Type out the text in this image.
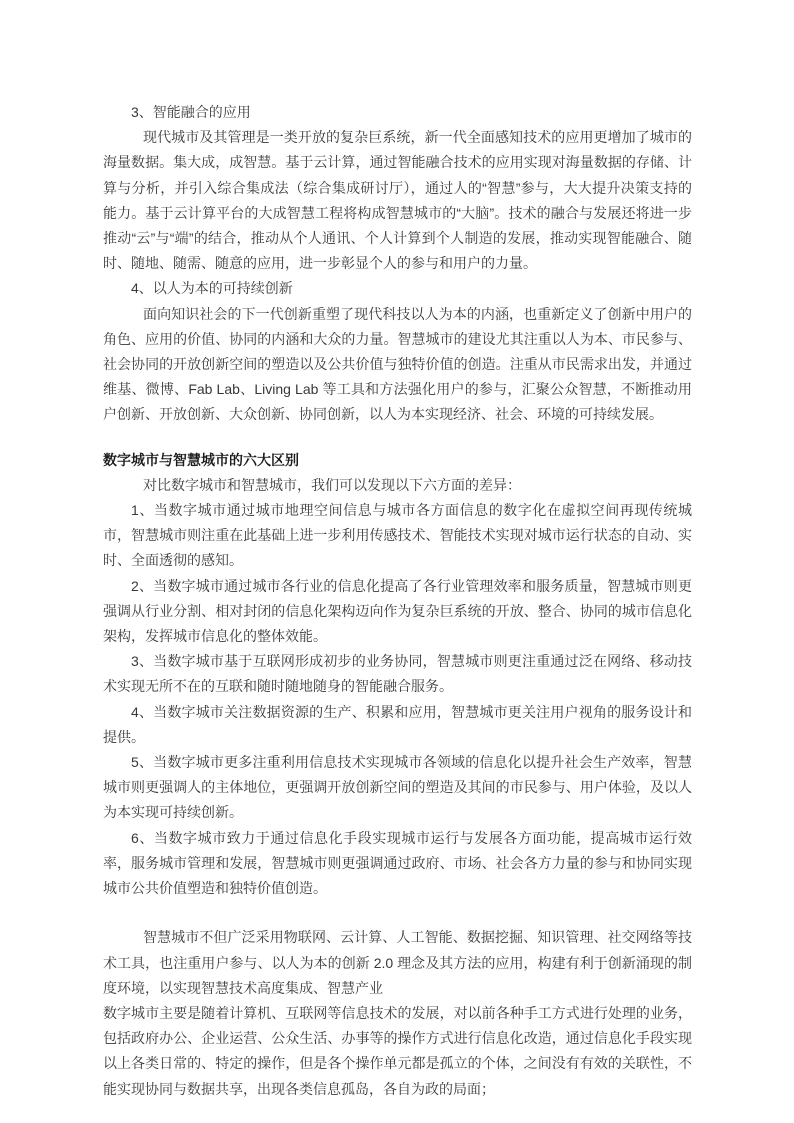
3、智能融合的应用

现代城市及其管理是一类开放的复杂巨系统，新一代全面感知技术的应用更增加了城市的海量数据。集大成，成智慧。基于云计算，通过智能融合技术的应用实现对海量数据的存储、计算与分析，并引入综合集成法（综合集成研讨厅），通过人的“智慧”参与，大大提升决策支持的能力。基于云计算平台的大成智慧工程将构成智慧城市的“大脑”。技术的融合与发展还将进一步推动“云”与“端”的结合，推动从个人通讯、个人计算到个人制造的发展，推动实现智能融合、随时、随地、随需、随意的应用，进一步彰显个人的参与和用户的力量。

4、以人为本的可持续创新

面向知识社会的下一代创新重塑了现代科技以人为本的内涵，也重新定义了创新中用户的角色、应用的价值、协同的内涵和大众的力量。智慧城市的建设尤其注重以人为本、市民参与、社会协同的开放创新空间的塑造以及公共价值与独特价值的创造。注重从市民需求出发，并通过维基、微博、Fab Lab、Living Lab 等工具和方法强化用户的参与，汇聚公众智慧，不断推动用户创新、开放创新、大众创新、协同创新，以人为本实现经济、社会、环境的可持续发展。

数字城市与智慧城市的六大区别

对比数字城市和智慧城市，我们可以发现以下六方面的差异：

1、当数字城市通过城市地理空间信息与城市各方面信息的数字化在虚拟空间再现传统城市，智慧城市则注重在此基础上进一步利用传感技术、智能技术实现对城市运行状态的自动、实时、全面透彻的感知。

2、当数字城市通过城市各行业的信息化提高了各行业管理效率和服务质量，智慧城市则更强调从行业分割、相对封闭的信息化架构迈向作为复杂巨系统的开放、整合、协同的城市信息化架构，发挥城市信息化的整体效能。

3、当数字城市基于互联网形成初步的业务协同，智慧城市则更注重通过泛在网络、移动技术实现无所不在的互联和随时随地随身的智能融合服务。

4、当数字城市关注数据资源的生产、积累和应用，智慧城市更关注用户视角的服务设计和提供。

5、当数字城市更多注重利用信息技术实现城市各领域的信息化以提升社会生产效率，智慧城市则更强调人的主体地位，更强调开放创新空间的塑造及其间的市民参与、用户体验，及以人为本实现可持续创新。

6、当数字城市致力于通过信息化手段实现城市运行与发展各方面功能，提高城市运行效率，服务城市管理和发展，智慧城市则更强调通过政府、市场、社会各方力量的参与和协同实现城市公共价值塑造和独特价值创造。

智慧城市不但广泛采用物联网、云计算、人工智能、数据挖掘、知识管理、社交网络等技术工具，也注重用户参与、以人为本的创新 2.0 理念及其方法的应用，构建有利于创新涌现的制度环境，以实现智慧技术高度集成、智慧产业

数字城市主要是随着计算机、互联网等信息技术的发展，对以前各种手工方式进行处理的业务，包括政府办公、企业运营、公众生活、办事等的操作方式进行信息化改造，通过信息化手段实现以上各类日常的、特定的操作，但是各个操作单元都是孤立的个体，之间没有有效的关联性，不能实现协同与数据共享，出现各类信息孤岛，各自为政的局面；
